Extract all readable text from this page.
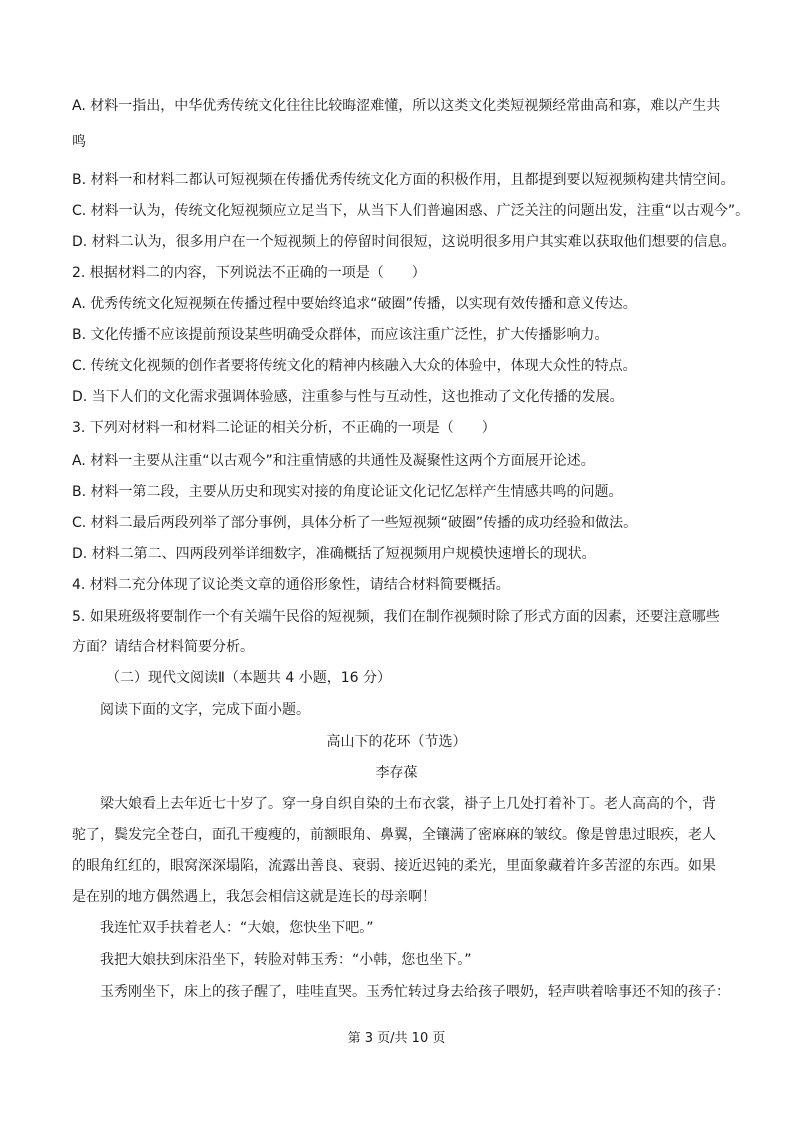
A. 材料一指出，中华优秀传统文化往往比较晦涩难懂，所以这类文化类短视频经常曲高和寡，难以产生共
鸣
B. 材料一和材料二都认可短视频在传播优秀传统文化方面的积极作用，且都提到要以短视频构建共情空间。
C. 材料一认为，传统文化短视频应立足当下，从当下人们普遍困惑、广泛关注的问题出发，注重“以古观今”。
D. 材料二认为，很多用户在一个短视频上的停留时间很短，这说明很多用户其实难以获取他们想要的信息。
2. 根据材料二的内容，下列说法不正确的一项是（　　）
A. 优秀传统文化短视频在传播过程中要始终追求“破圈”传播，以实现有效传播和意义传达。
B. 文化传播不应该提前预设某些明确受众群体，而应该注重广泛性，扩大传播影响力。
C. 传统文化视频的创作者要将传统文化的精神内核融入大众的体验中，体现大众性的特点。
D. 当下人们的文化需求强调体验感，注重参与性与互动性，这也推动了文化传播的发展。
3. 下列对材料一和材料二论证的相关分析，不正确的一项是（　　）
A. 材料一主要从注重“以古观今”和注重情感的共通性及凝聚性这两个方面展开论述。
B. 材料一第二段，主要从历史和现实对接的角度论证文化记忆怎样产生情感共鸣的问题。
C. 材料二最后两段列举了部分事例，具体分析了一些短视频“破圈”传播的成功经验和做法。
D. 材料二第二、四两段列举详细数字，准确概括了短视频用户规模快速增长的现状。
4. 材料二充分体现了议论类文章的通俗形象性，请结合材料简要概括。
5. 如果班级将要制作一个有关端午民俗的短视频，我们在制作视频时除了形式方面的因素，还要注意哪些
方面？请结合材料简要分析。
（二）现代文阅读Ⅱ（本题共 4 小题，16 分）
阅读下面的文字，完成下面小题。
高山下的花环（节选）
李存葆
梁大娘看上去年近七十岁了。穿一身自织自染的土布衣裳，褂子上几处打着补丁。老人高高的个，背
驼了，鬓发完全苍白，面孔干瘦瘦的，前额眼角、鼻翼，全镶满了密麻麻的皱纹。像是曾患过眼疾，老人
的眼角红红的，眼窝深深塌陷，流露出善良、衰弱、接近迟钝的柔光，里面象藏着许多苦涩的东西。如果
是在别的地方偶然遇上，我怎会相信这就是连长的母亲啊！
我连忙双手扶着老人：“大娘，您快坐下吧。”
我把大娘扶到床沿坐下，转脸对韩玉秀：“小韩，您也坐下。”
玉秀刚坐下，床上的孩子醒了，哇哇直哭。玉秀忙转过身去给孩子喂奶，轻声哄着啥事还不知的孩子：
第 3 页/共 10 页
